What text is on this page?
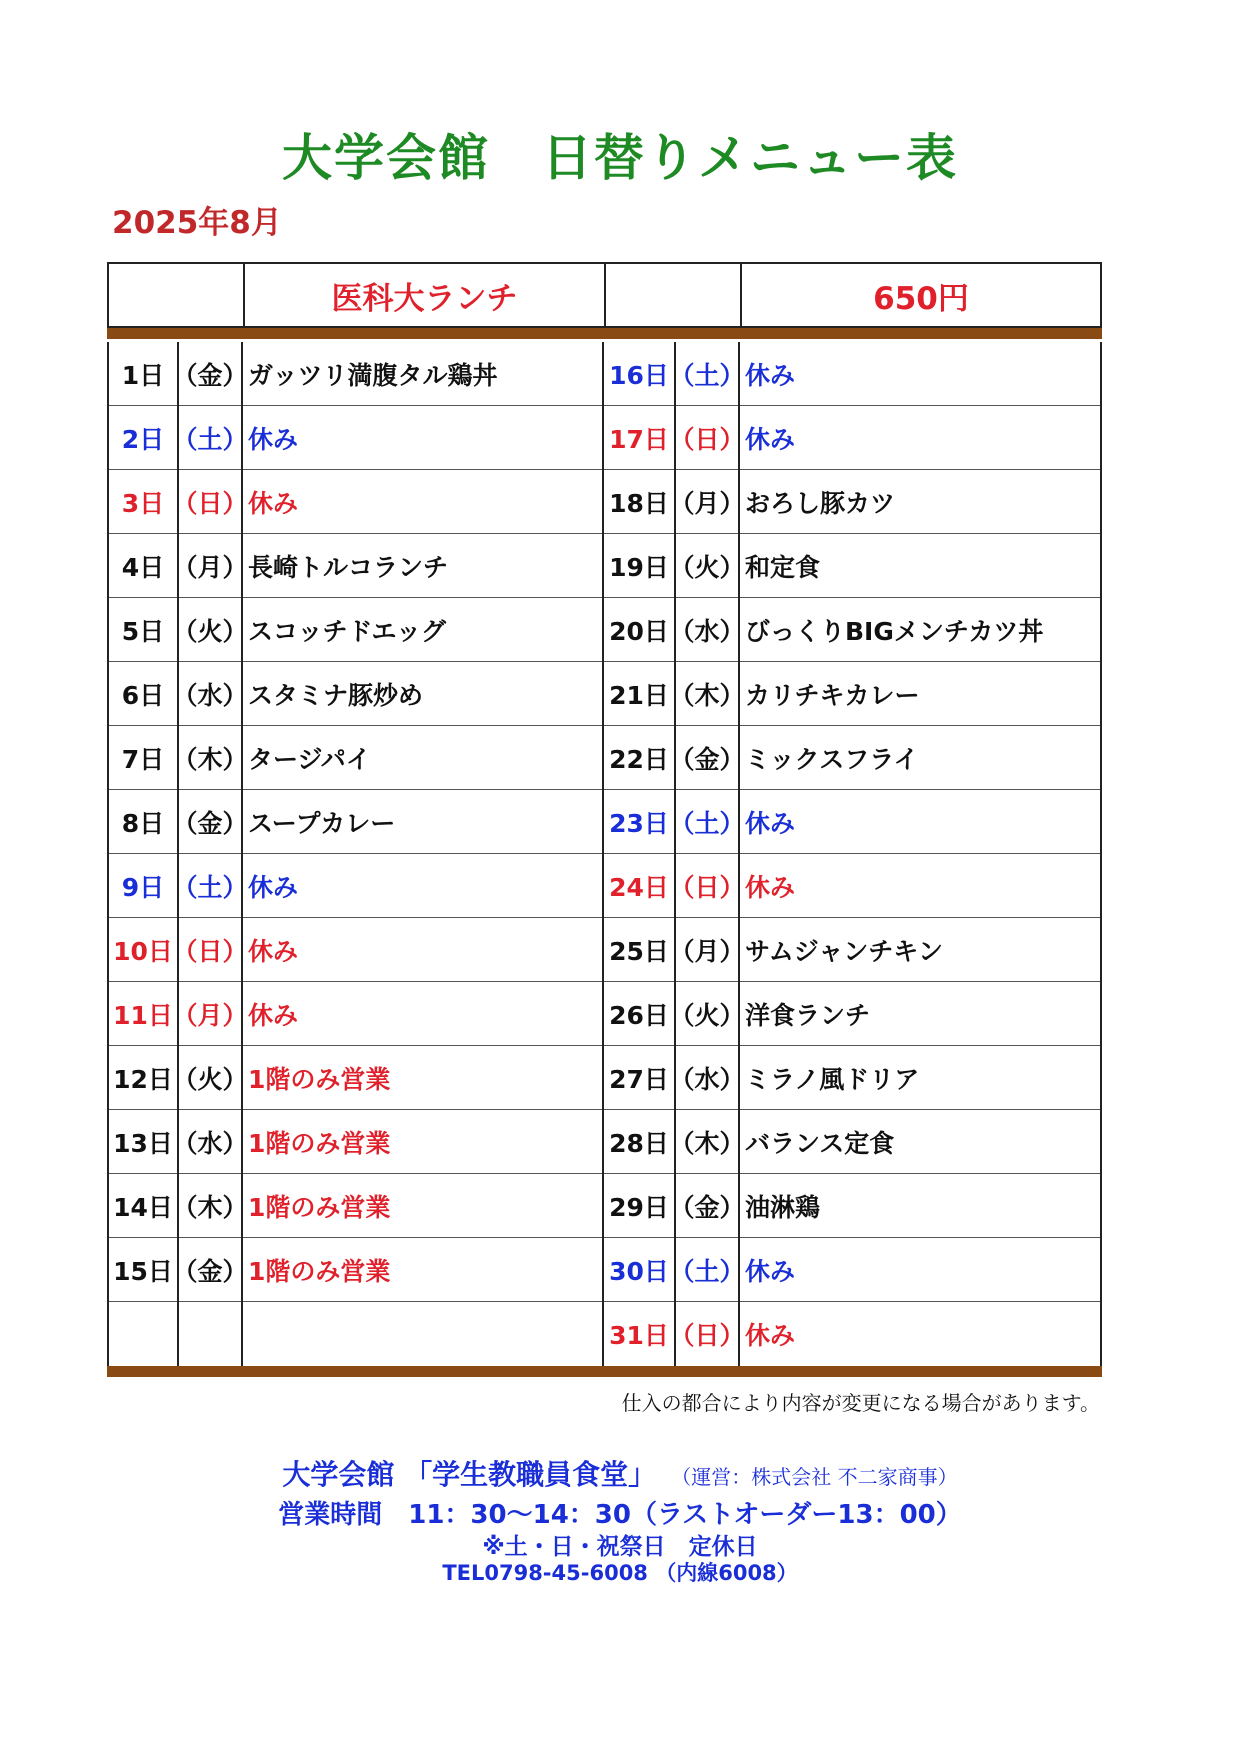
大学会館　日替りメニュー表
2025年8月
医科大ランチ	650円
1日 （金） ガッツリ満腹タル鶏丼	16日 （土） 休み
2日 （土） 休み	17日 （日） 休み
3日 （日） 休み	18日 （月） おろし豚カツ
4日 （月） 長崎トルコランチ	19日 （火） 和定食
5日 （火） スコッチドエッグ	20日 （水） びっくりBIGメンチカツ丼
6日 （水） スタミナ豚炒め	21日 （木） カリチキカレー
7日 （木） タージパイ	22日 （金） ミックスフライ
8日 （金） スープカレー	23日 （土） 休み
9日 （土） 休み	24日 （日） 休み
10日 （日） 休み	25日 （月） サムジャンチキン
11日 （月） 休み	26日 （火） 洋食ランチ
12日 （火） 1階のみ営業	27日 （水） ミラノ風ドリア
13日 （水） 1階のみ営業	28日 （木） バランス定食
14日 （木） 1階のみ営業	29日 （金） 油淋鶏
15日 （金） 1階のみ営業	30日 （土） 休み
31日 （日） 休み
仕入の都合により内容が変更になる場合があります。
大学会館 「学生教職員食堂」 （運営：株式会社 不二家商事）
営業時間　11：30～14：30（ラストオーダー13：00）
※土・日・祝祭日　定休日
TEL0798-45-6008 （内線6008）
